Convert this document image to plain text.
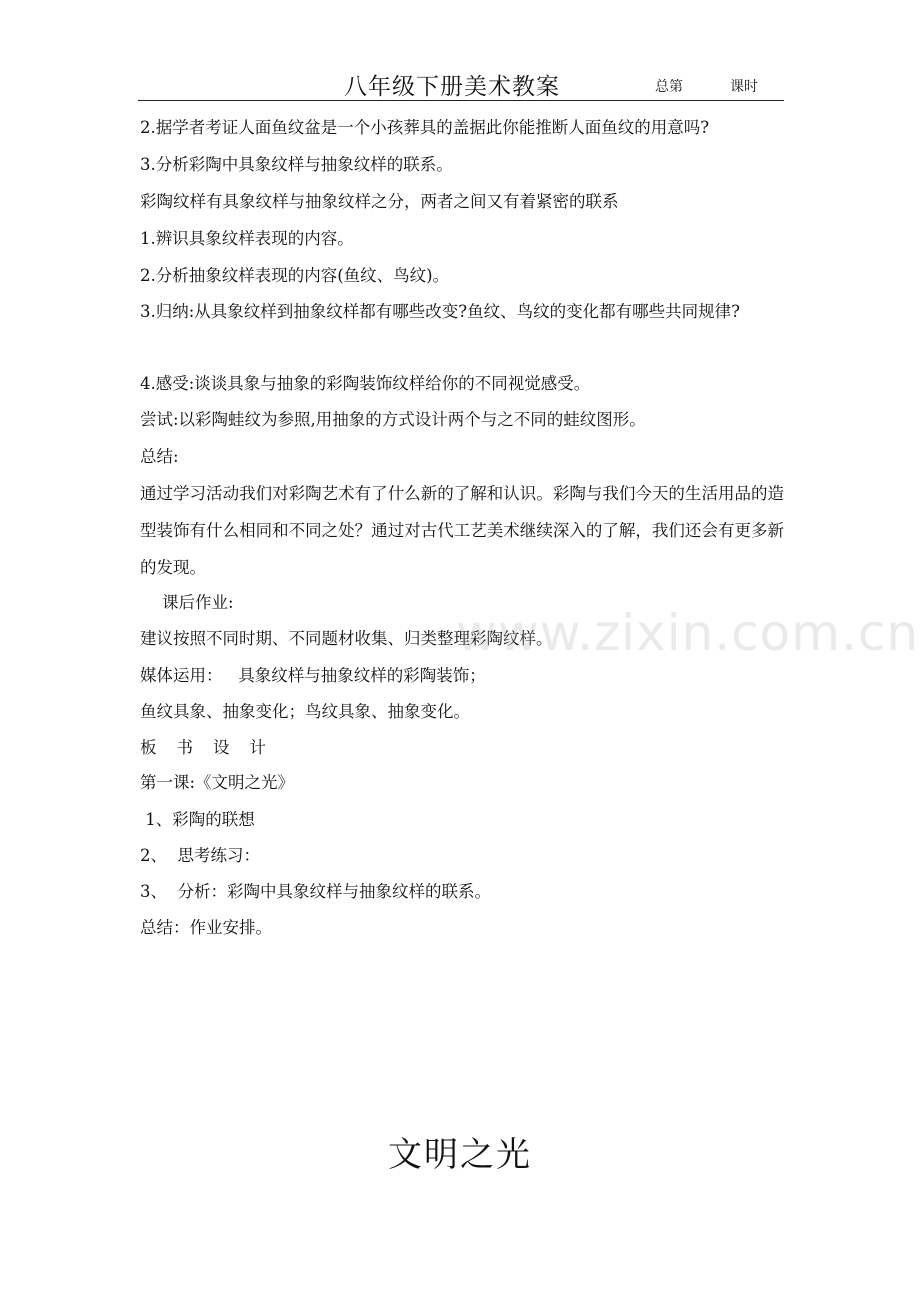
八年级下册美术教案	总第	课时
2.据学者考证人面鱼纹盆是一个小孩葬具的盖据此你能推断人面鱼纹的用意吗?
3.分析彩陶中具象纹样与抽象纹样的联系。
彩陶纹样有具象纹样与抽象纹样之分，两者之间又有着紧密的联系
1.辨识具象纹样表现的内容。
2.分析抽象纹样表现的内容(鱼纹、鸟纹)。
3.归纳:从具象纹样到抽象纹样都有哪些改变?鱼纹、鸟纹的变化都有哪些共同规律?
4.感受:谈谈具象与抽象的彩陶装饰纹样给你的不同视觉感受。
尝试:以彩陶蛙纹为参照,用抽象的方式设计两个与之不同的蛙纹图形。
总结:
通过学习活动我们对彩陶艺术有了什么新的了解和认识。彩陶与我们今天的生活用品的造型装饰有什么相同和不同之处？通过对古代工艺美术继续深入的了解，我们还会有更多新的发现。
课后作业:
建议按照不同时期、不同题材收集、归类整理彩陶纹样。
媒体运用：   具象纹样与抽象纹样的彩陶装饰；
鱼纹具象、抽象变化；鸟纹具象、抽象变化。
板书设计
第一课:《文明之光》
1、彩陶的联想
2、  思考练习：
3、  分析：彩陶中具象纹样与抽象纹样的联系。
总结：作业安排。
www.zixin.com.cn
文明之光
